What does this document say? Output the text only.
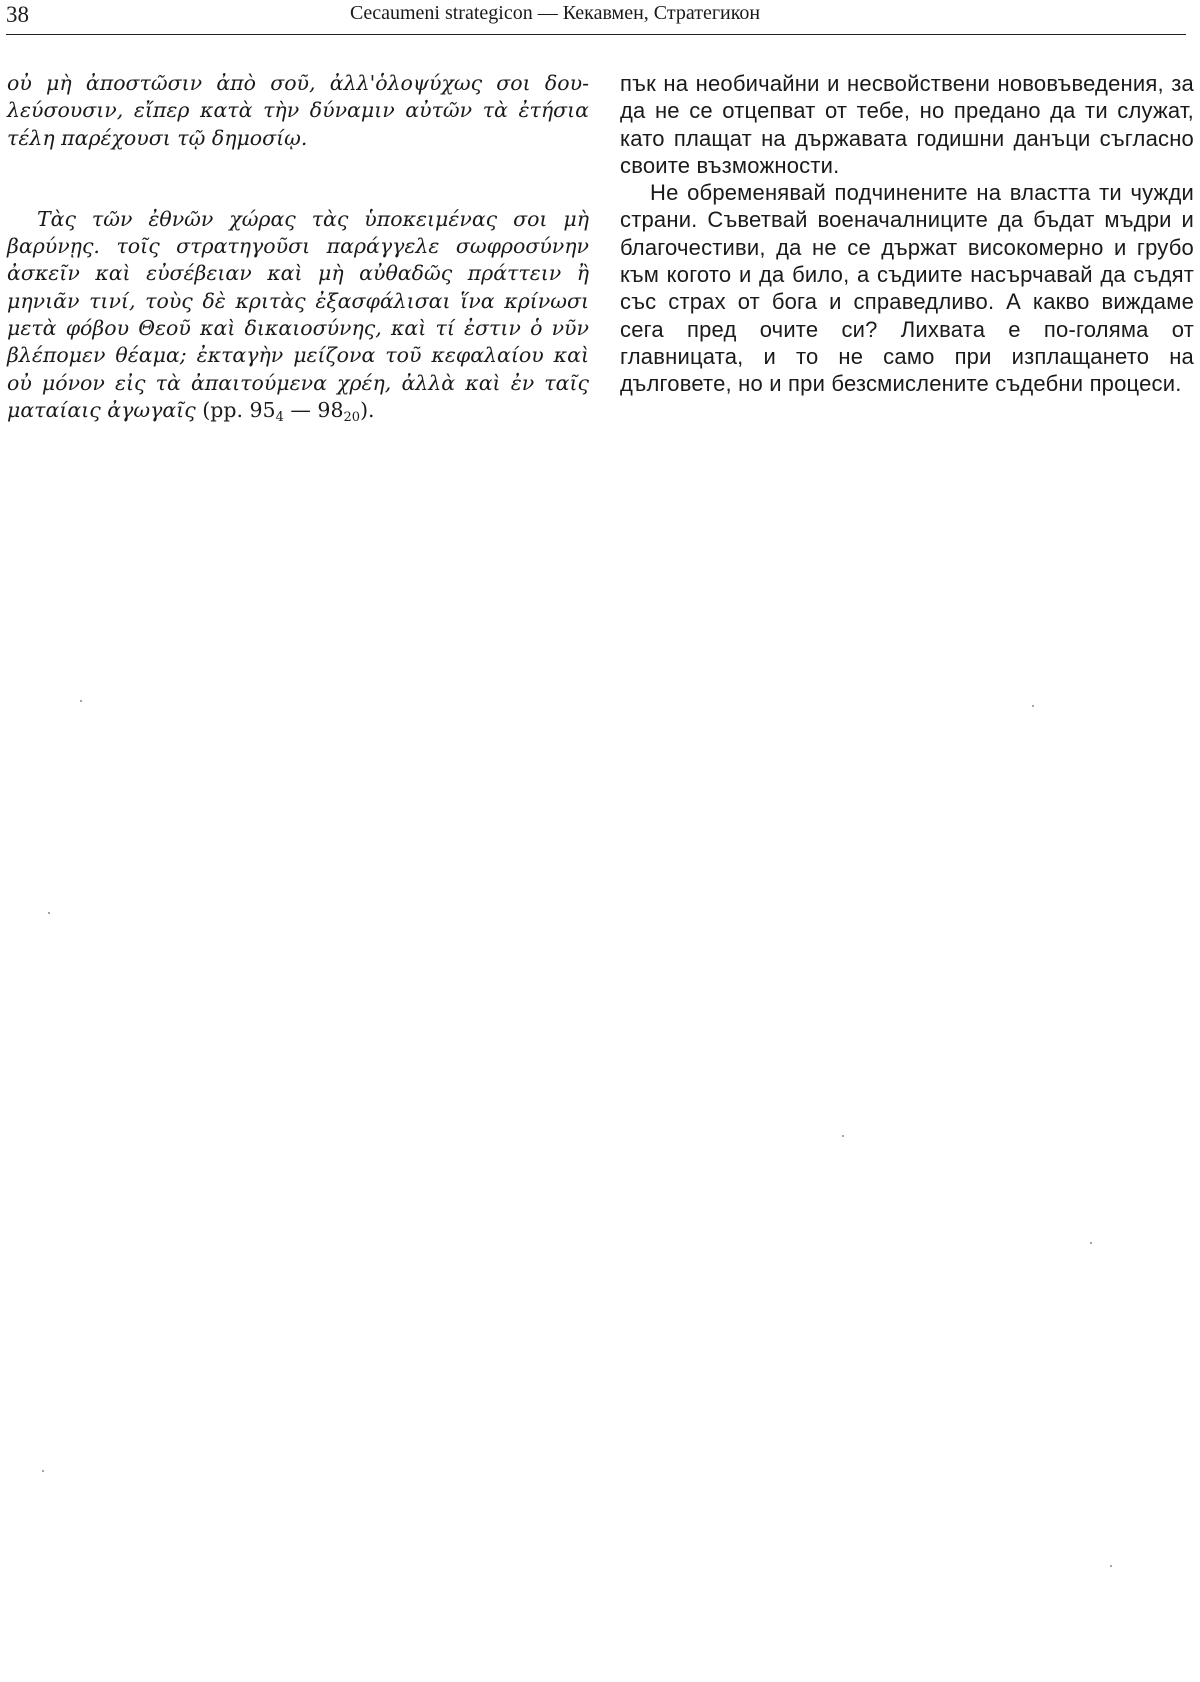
38	Cecaumeni strategicon — Кекавмен, Стратегикон

οὐ μὴ ἀποστῶσιν ἀπὸ σοῦ, ἀλλ'ὁλοψύχως σοι δουλεύσουσιν, εἴπερ κατὰ τὴν δύναμιν αὐτῶν τὰ ἐτήσια τέλη παρέχουσι τῷ δημοσίῳ.

Τὰς τῶν ἐθνῶν χώρας τὰς ὑποκειμένας σοι μὴ βαρύνῃς. τοῖς στρατηγοῦσι παράγγελε σωφροσύνην ἀσκεῖν καὶ εὐσέβειαν καὶ μὴ αὐθαδῶς πράττειν ἢ μηνιᾶν τινί, τοὺς δὲ κριτὰς ἐξασφάλισαι ἵνα κρίνωσι μετὰ φόβου Θεοῦ καὶ δικαιοσύνης, καὶ τί ἐστιν ὁ νῦν βλέπομεν θέαμα; ἐκταγὴν μείζονα τοῦ κεφαλαίου καὶ οὐ μόνον εἰς τὰ ἀπαιτούμενα χρέη, ἀλλὰ καὶ ἐν ταῖς ματαίαις ἀγωγαῖς (pp. $95_4$ — $98_{20}$).

пък на необичайни и несвойствени нововъведения, за да не се отцепват от тебе, но предано да ти служат, като плащат на държавата годишни данъци съгласно своите възможности.

Не обременявай подчинените на властта ти чужди страни. Съветвай военачалниците да бъдат мъдри и благочестиви, да не се държат високомерно и грубо към когото и да било, а съдиите насърчавай да съдят със страх от бога и справедливо. А какво виждаме сега пред очите си? Лихвата е по-голяма от главницата, и то не само при изплащането на дълговете, но и при безсмислените съдебни процеси.
